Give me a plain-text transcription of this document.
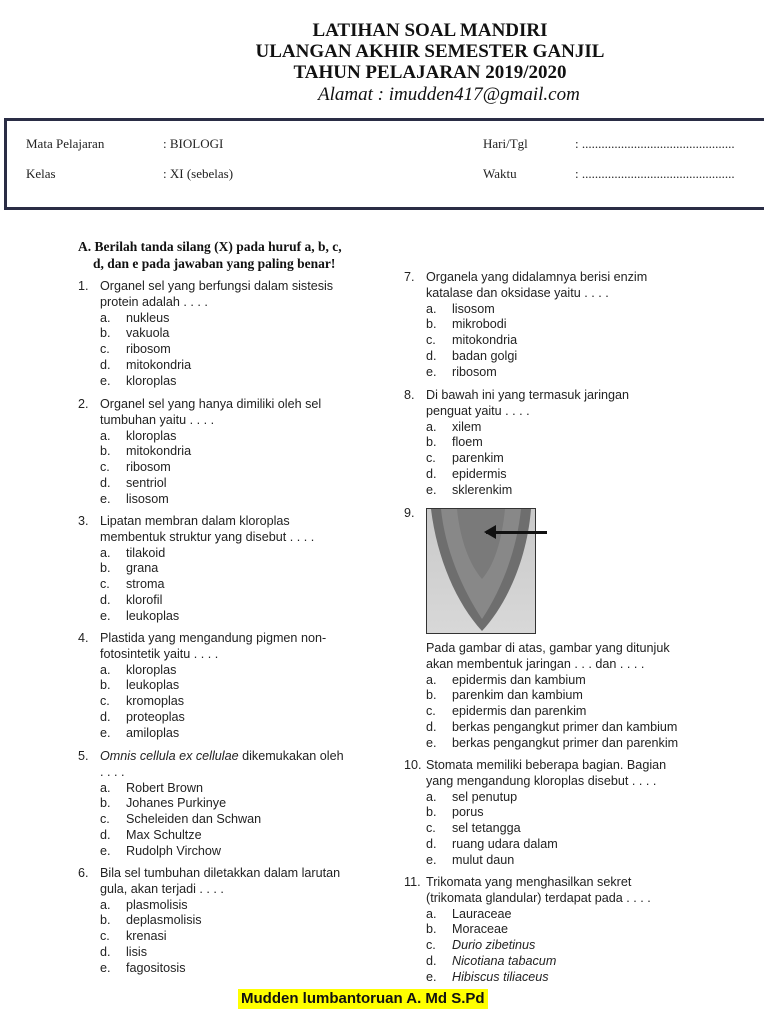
LATIHAN SOAL MANDIRI
ULANGAN AKHIR SEMESTER GANJIL
TAHUN PELAJARAN 2019/2020
Alamat : imudden417@gmail.com
Mata Pelajaran	: BIOLOGI
Kelas	: XI (sebelas)
Hari/Tgl	: ...............................................
Waktu	: ...............................................
A. Berilah tanda silang (X) pada huruf a, b, c,
d, dan e pada jawaban yang paling benar!
1. Organel sel yang berfungsi dalam sistesis
protein adalah . . . .
a.	nukleus
b.	vakuola
c.	ribosom
d.	mitokondria
e.	kloroplas
2. Organel sel yang hanya dimiliki oleh sel
tumbuhan yaitu . . . .
a.	kloroplas
b.	mitokondria
c.	ribosom
d.	sentriol
e.	lisosom
3. Lipatan membran dalam kloroplas
membentuk struktur yang disebut . . . .
a.	tilakoid
b.	grana
c.	stroma
d.	klorofil
e.	leukoplas
4. Plastida yang mengandung pigmen non-
fotosintetik yaitu . . . .
a.	kloroplas
b.	leukoplas
c.	kromoplas
d.	proteoplas
e.	amiloplas
5. Omnis cellula ex cellulae dikemukakan oleh
. . . .
a.	Robert Brown
b.	Johanes Purkinye
c.	Scheleiden dan Schwan
d.	Max Schultze
e.	Rudolph Virchow
6. Bila sel tumbuhan diletakkan dalam larutan
gula, akan terjadi . . . .
a.	plasmolisis
b.	deplasmolisis
c.	krenasi
d.	lisis
e.	fagositosis
7. Organela yang didalamnya berisi enzim
katalase dan oksidase yaitu . . . .
a.	lisosom
b.	mikrobodi
c.	mitokondria
d.	badan golgi
e.	ribosom
8. Di bawah ini yang termasuk jaringan
penguat yaitu . . . .
a.	xilem
b.	floem
c.	parenkim
d.	epidermis
e.	sklerenkim
9.
Pada gambar di atas, gambar yang ditunjuk
akan membentuk jaringan . . . dan . . . .
a.	epidermis dan kambium
b.	parenkim dan kambium
c.	epidermis dan parenkim
d.	berkas pengangkut primer dan kambium
e.	berkas pengangkut primer dan parenkim
10. Stomata memiliki beberapa bagian. Bagian
yang mengandung kloroplas disebut . . . .
a.	sel penutup
b.	porus
c.	sel tetangga
d.	ruang udara dalam
e.	mulut daun
11. Trikomata yang menghasilkan sekret
(trikomata glandular) terdapat pada . . . .
a.	Lauraceae
b.	Moraceae
c.	Durio zibetinus
d.	Nicotiana tabacum
e.	Hibiscus tiliaceus
Mudden lumbantoruan A. Md S.Pd
